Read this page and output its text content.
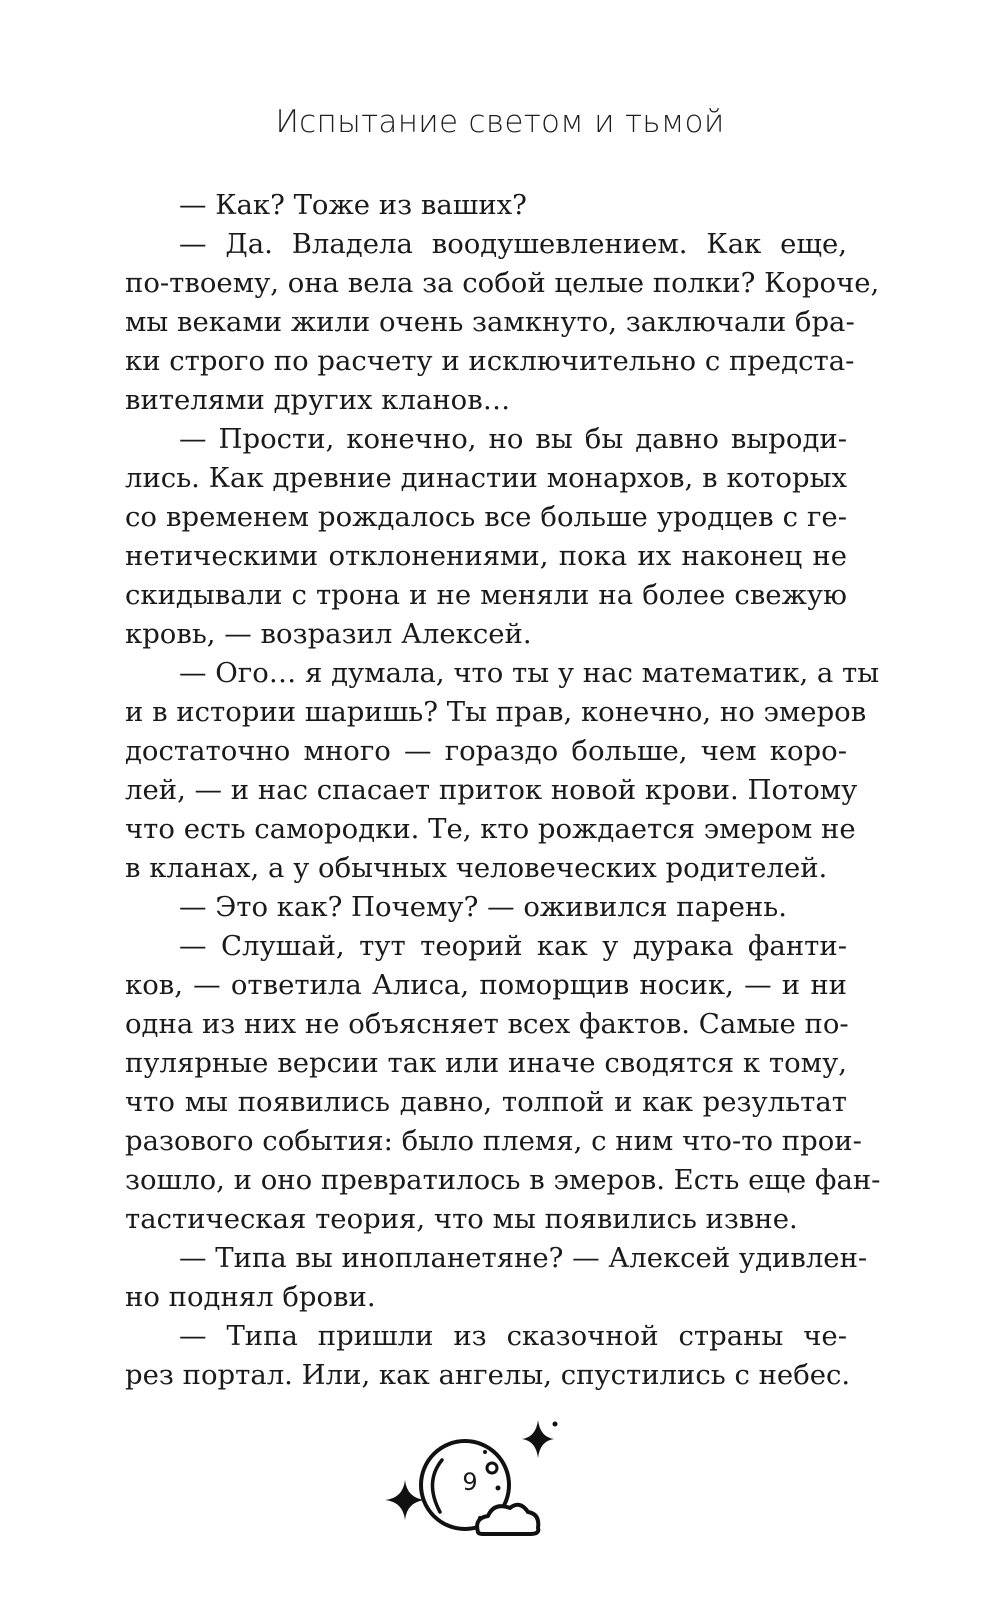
Испытание светом и тьмой
— Как? Тоже из ваших?
— Да. Владела воодушевлением. Как еще,
по-твоему, она вела за собой целые полки? Короче,
мы веками жили очень замкнуто, заключали бра-
ки строго по расчету и исключительно с предста-
вителями других кланов…
— Прости, конечно, но вы бы давно выроди-
лись. Как древние династии монархов, в которых
со временем рождалось все больше уродцев с ге-
нетическими отклонениями, пока их наконец не
скидывали с трона и не меняли на более свежую
кровь, — возразил Алексей.
— Ого… я думала, что ты у нас математик, а ты
и в истории шаришь? Ты прав, конечно, но эмеров
достаточно много — гораздо больше, чем коро-
лей, — и нас спасает приток новой крови. Потому
что есть самородки. Те, кто рождается эмером не
в кланах, а у обычных человеческих родителей.
— Это как? Почему? — оживился парень.
— Слушай, тут теорий как у дурака фанти-
ков, — ответила Алиса, поморщив носик, — и ни
одна из них не объясняет всех фактов. Самые по-
пулярные версии так или иначе сводятся к тому,
что мы появились давно, толпой и как результат
разового события: было племя, с ним что-то прои-
зошло, и оно превратилось в эмеров. Есть еще фан-
тастическая теория, что мы появились извне.
— Типа вы инопланетяне? — Алексей удивлен-
но поднял брови.
— Типа пришли из сказочной страны че-
рез портал. Или, как ангелы, спустились с небес.
9
